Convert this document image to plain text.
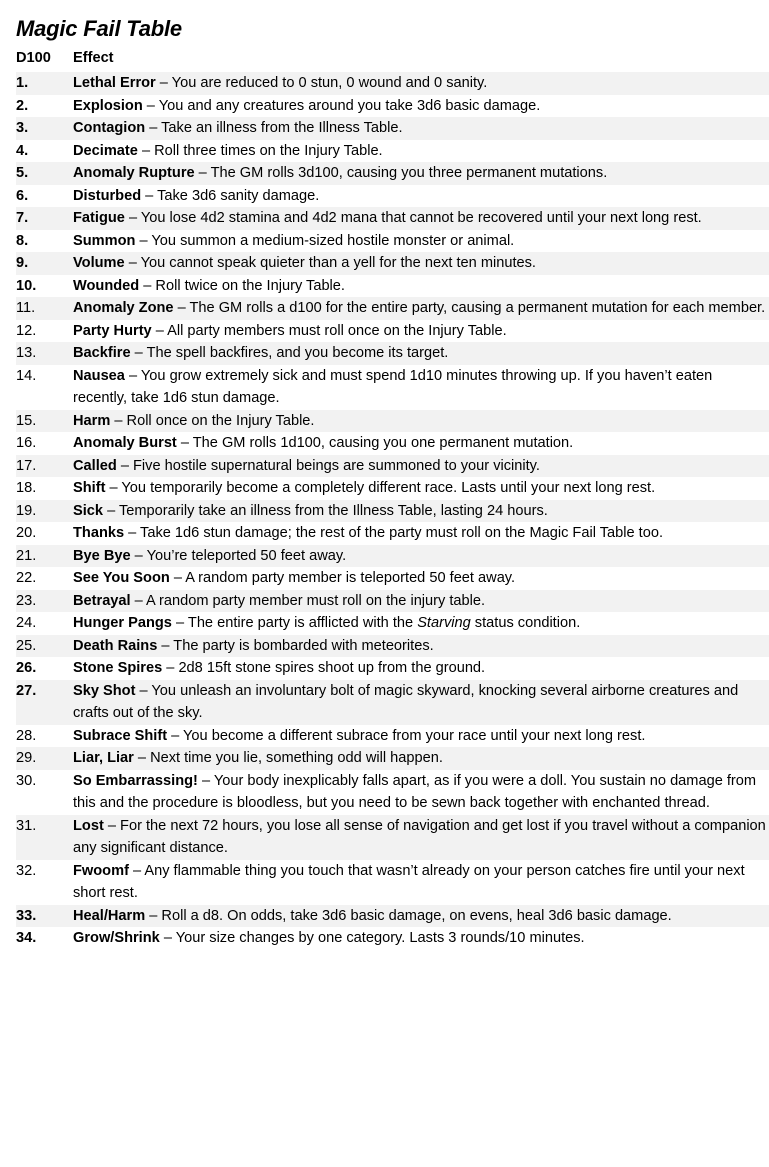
Magic Fail Table
D100	Effect
1.	Lethal Error – You are reduced to 0 stun, 0 wound and 0 sanity.
2.	Explosion – You and any creatures around you take 3d6 basic damage.
3.	Contagion – Take an illness from the Illness Table.
4.	Decimate – Roll three times on the Injury Table.
5.	Anomaly Rupture – The GM rolls 3d100, causing you three permanent mutations.
6.	Disturbed – Take 3d6 sanity damage.
7.	Fatigue – You lose 4d2 stamina and 4d2 mana that cannot be recovered until your next long rest.
8.	Summon – You summon a medium-sized hostile monster or animal.
9.	Volume – You cannot speak quieter than a yell for the next ten minutes.
10.	Wounded – Roll twice on the Injury Table.
11.	Anomaly Zone – The GM rolls a d100 for the entire party, causing a permanent mutation for each member.
12.	Party Hurty – All party members must roll once on the Injury Table.
13.	Backfire – The spell backfires, and you become its target.
14.	Nausea – You grow extremely sick and must spend 1d10 minutes throwing up. If you haven’t eaten recently, take 1d6 stun damage.
15.	Harm – Roll once on the Injury Table.
16.	Anomaly Burst – The GM rolls 1d100, causing you one permanent mutation.
17.	Called – Five hostile supernatural beings are summoned to your vicinity.
18.	Shift – You temporarily become a completely different race. Lasts until your next long rest.
19.	Sick – Temporarily take an illness from the Illness Table, lasting 24 hours.
20.	Thanks – Take 1d6 stun damage; the rest of the party must roll on the Magic Fail Table too.
21.	Bye Bye – You’re teleported 50 feet away.
22.	See You Soon – A random party member is teleported 50 feet away.
23.	Betrayal – A random party member must roll on the injury table.
24.	Hunger Pangs – The entire party is afflicted with the Starving status condition.
25.	Death Rains – The party is bombarded with meteorites.
26.	Stone Spires – 2d8 15ft stone spires shoot up from the ground.
27.	Sky Shot – You unleash an involuntary bolt of magic skyward, knocking several airborne creatures and crafts out of the sky.
28.	Subrace Shift – You become a different subrace from your race until your next long rest.
29.	Liar, Liar – Next time you lie, something odd will happen.
30.	So Embarrassing! – Your body inexplicably falls apart, as if you were a doll. You sustain no damage from this and the procedure is bloodless, but you need to be sewn back together with enchanted thread.
31.	Lost – For the next 72 hours, you lose all sense of navigation and get lost if you travel without a companion any significant distance.
32.	Fwoomf – Any flammable thing you touch that wasn’t already on your person catches fire until your next short rest.
33.	Heal/Harm – Roll a d8. On odds, take 3d6 basic damage, on evens, heal 3d6 basic damage.
34.	Grow/Shrink – Your size changes by one category. Lasts 3 rounds/10 minutes.
